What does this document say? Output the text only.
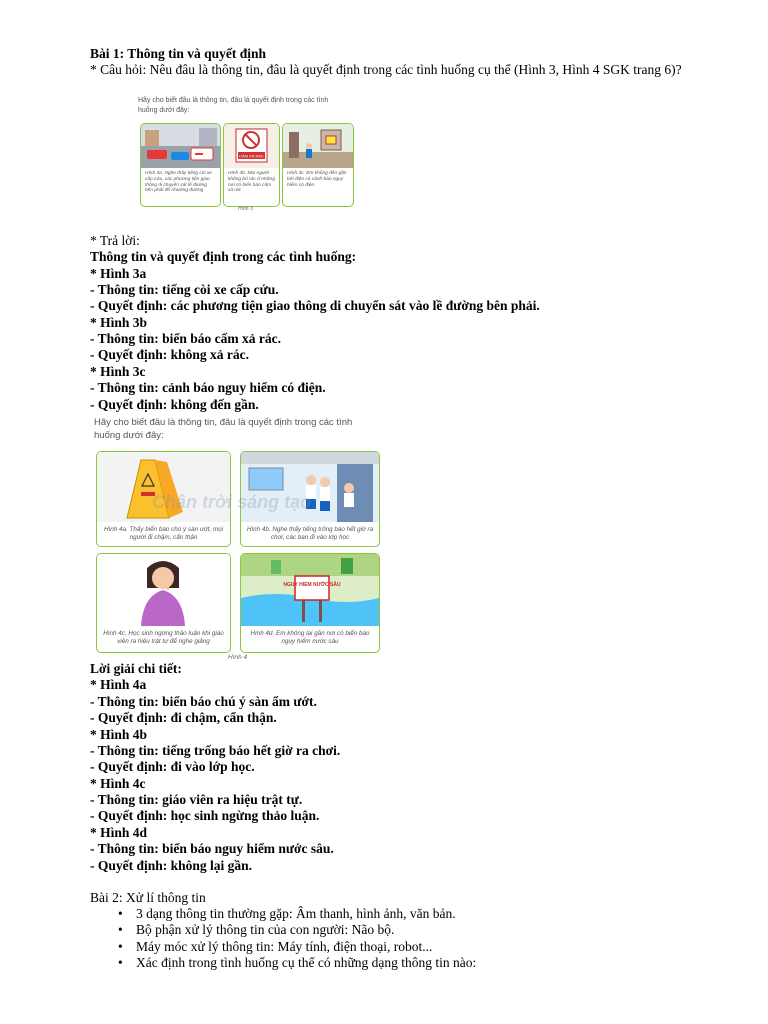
Bài 1: Thông tin và quyết định
* Câu hỏi: Nêu đâu là thông tin, đâu là quyết định trong các tình huống cụ thể (Hình 3, Hình 4 SGK trang 6)?
Hãy cho biết đâu là thông tin, đâu là quyết định trong các tình
huống dưới đây:
Hình 3a. Nghe thấy tiếng còi xe cấp cứu, các phương tiện giao thông di chuyển sát lề đường bên phải để nhường đường
CẤM XẢ RÁC
Hình 3b. Mọi người không bỏ rác ở những nơi có biển báo cấm xả rác
Hình 3c. Em không đến gần bởi điện có cảnh báo nguy hiểm có điện
Hình 3
* Trả lời:
Thông tin và quyết định trong các tình huống:
* Hình 3a
- Thông tin: tiếng còi xe cấp cứu.
- Quyết định: các phương tiện giao thông di chuyển sát vào lề đường bên phải.
* Hình 3b
- Thông tin: biển báo cấm xả rác.
- Quyết định: không xả rác.
* Hình 3c
- Thông tin: cảnh báo nguy hiểm có điện.
- Quyết định: không đến gần.
Hãy cho biết đâu là thông tin, đâu là quyết định trong các tình
huống dưới đây:
Hình 4a. Thấy biển báo chú ý sàn ướt, mọi người đi chậm, cẩn thận
Hình 4b. Nghe thấy tiếng trống báo hết giờ ra chơi, các bạn đi vào lớp học
Hình 4c. Học sinh ngừng thảo luận khi giáo viên ra hiệu trật tự để nghe giảng
NGUY HIỂM NƯỚC SÂU
Hình 4d. Em không lại gần nơi có biển báo nguy hiểm nước sâu
Chân trời sáng tạo
Hình 4
Lời giải chi tiết:
* Hình 4a
- Thông tin: biển báo chú ý sàn ẩm ướt.
- Quyết định: đi chậm, cẩn thận.
* Hình 4b
- Thông tin: tiếng trống báo hết giờ ra chơi.
- Quyết định: đi vào lớp học.
* Hình 4c
- Thông tin: giáo viên ra hiệu trật tự.
- Quyết định: học sinh ngừng thảo luận.
* Hình 4d
- Thông tin: biển báo nguy hiểm nước sâu.
- Quyết định: không lại gần.
Bài 2: Xử lí thông tin
• 3 dạng thông tin thường gặp: Âm thanh, hình ảnh, văn bản.
• Bộ phận xử lý thông tin của con người: Não bộ.
• Máy móc xử lý thông tin: Máy tính, điện thoại, robot...
• Xác định trong tình huống cụ thể có những dạng thông tin nào:
